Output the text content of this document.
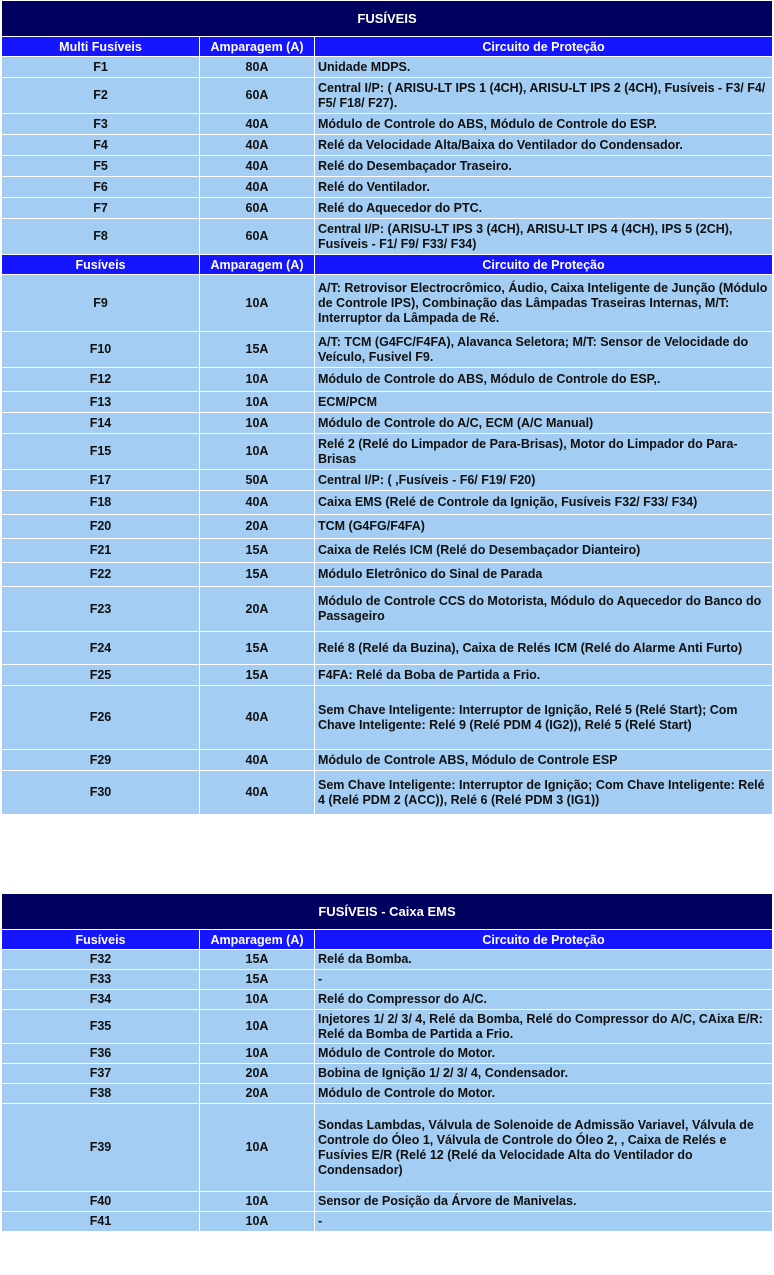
FUSÍVEIS		
Multi Fusíveis	Amparagem (A)	Circuito de Proteção
F1	80A	Unidade MDPS.
F2	60A	Central I/P: ( ARISU-LT IPS 1 (4CH), ARISU-LT IPS 2 (4CH), Fusíveis - F3/ F4/ F5/ F18/ F27).
F3	40A	Módulo de Controle do ABS, Módulo de Controle do ESP.
F4	40A	Relé da Velocidade Alta/Baixa do Ventilador do Condensador.
F5	40A	Relé do Desembaçador Traseiro.
F6	40A	Relé do Ventilador.
F7	60A	Relé do Aquecedor do PTC.
F8	60A	Central I/P: (ARISU-LT IPS 3 (4CH), ARISU-LT IPS 4 (4CH), IPS 5 (2CH), Fusíveis - F1/ F9/ F33/ F34)
Fusíveis	Amparagem (A)	Circuito de Proteção
F9	10A	A/T: Retrovisor Electrocrômico, Áudio, Caixa Inteligente de Junção (Módulo de Controle IPS), Combinação das Lâmpadas Traseiras Internas, M/T: Interruptor da Lâmpada de Ré.
F10	15A	A/T: TCM (G4FC/F4FA), Alavanca Seletora; M/T: Sensor de Velocidade do Veículo, Fusivel F9.
F12	10A	Módulo de Controle do ABS, Módulo de Controle do ESP,.
F13	10A	ECM/PCM
F14	10A	Módulo de Controle do A/C, ECM (A/C Manual)
F15	10A	Relé 2 (Relé do Limpador de Para-Brisas), Motor do Limpador do Para-Brisas
F17	50A	Central I/P: ( ,Fusíveis - F6/ F19/ F20)
F18	40A	Caixa EMS (Relé de Controle da Ignição, Fusíveis F32/ F33/ F34)
F20	20A	TCM (G4FG/F4FA)
F21	15A	Caixa de Relés ICM (Relé do Desembaçador Dianteiro)
F22	15A	Módulo Eletrônico do Sinal de Parada
F23	20A	Módulo de Controle CCS do Motorista, Módulo do Aquecedor do Banco do Passageiro
F24	15A	Relé 8 (Relé da Buzina), Caixa de Relés ICM (Relé do Alarme Anti Furto)
F25	15A	F4FA: Relé da Boba de Partida a Frio.
F26	40A	Sem Chave Inteligente: Interruptor de Ignição, Relé 5 (Relé Start); Com Chave Inteligente: Relé 9 (Relé PDM 4 (IG2)), Relé 5 (Relé Start)
F29	40A	Módulo de Controle ABS, Módulo de Controle ESP
F30	40A	Sem Chave Inteligente: Interruptor de Ignição; Com Chave Inteligente: Relé 4 (Relé PDM 2 (ACC)), Relé 6 (Relé PDM 3 (IG1))
FUSÍVEIS - Caixa EMS		
Fusíveis	Amparagem (A)	Circuito de Proteção
F32	15A	Relé da Bomba.
F33	15A	-
F34	10A	Relé do Compressor do A/C.
F35	10A	Injetores 1/ 2/ 3/ 4, Relé da Bomba, Relé do Compressor do A/C, CAixa E/R: Relé da Bomba de Partida a Frio.
F36	10A	Módulo de Controle do Motor.
F37	20A	Bobina de Ignição 1/ 2/ 3/ 4, Condensador.
F38	20A	Módulo de Controle do Motor.
F39	10A	Sondas Lambdas, Válvula de Solenoide de Admissão Variavel, Válvula de Controle do Óleo 1, Válvula de Controle do Óleo 2, , Caixa de Relés e Fusívies E/R (Relé 12 (Relé da Velocidade Alta do Ventilador do Condensador)
F40	10A	Sensor de Posição da Árvore de Manivelas.
F41	10A	-
